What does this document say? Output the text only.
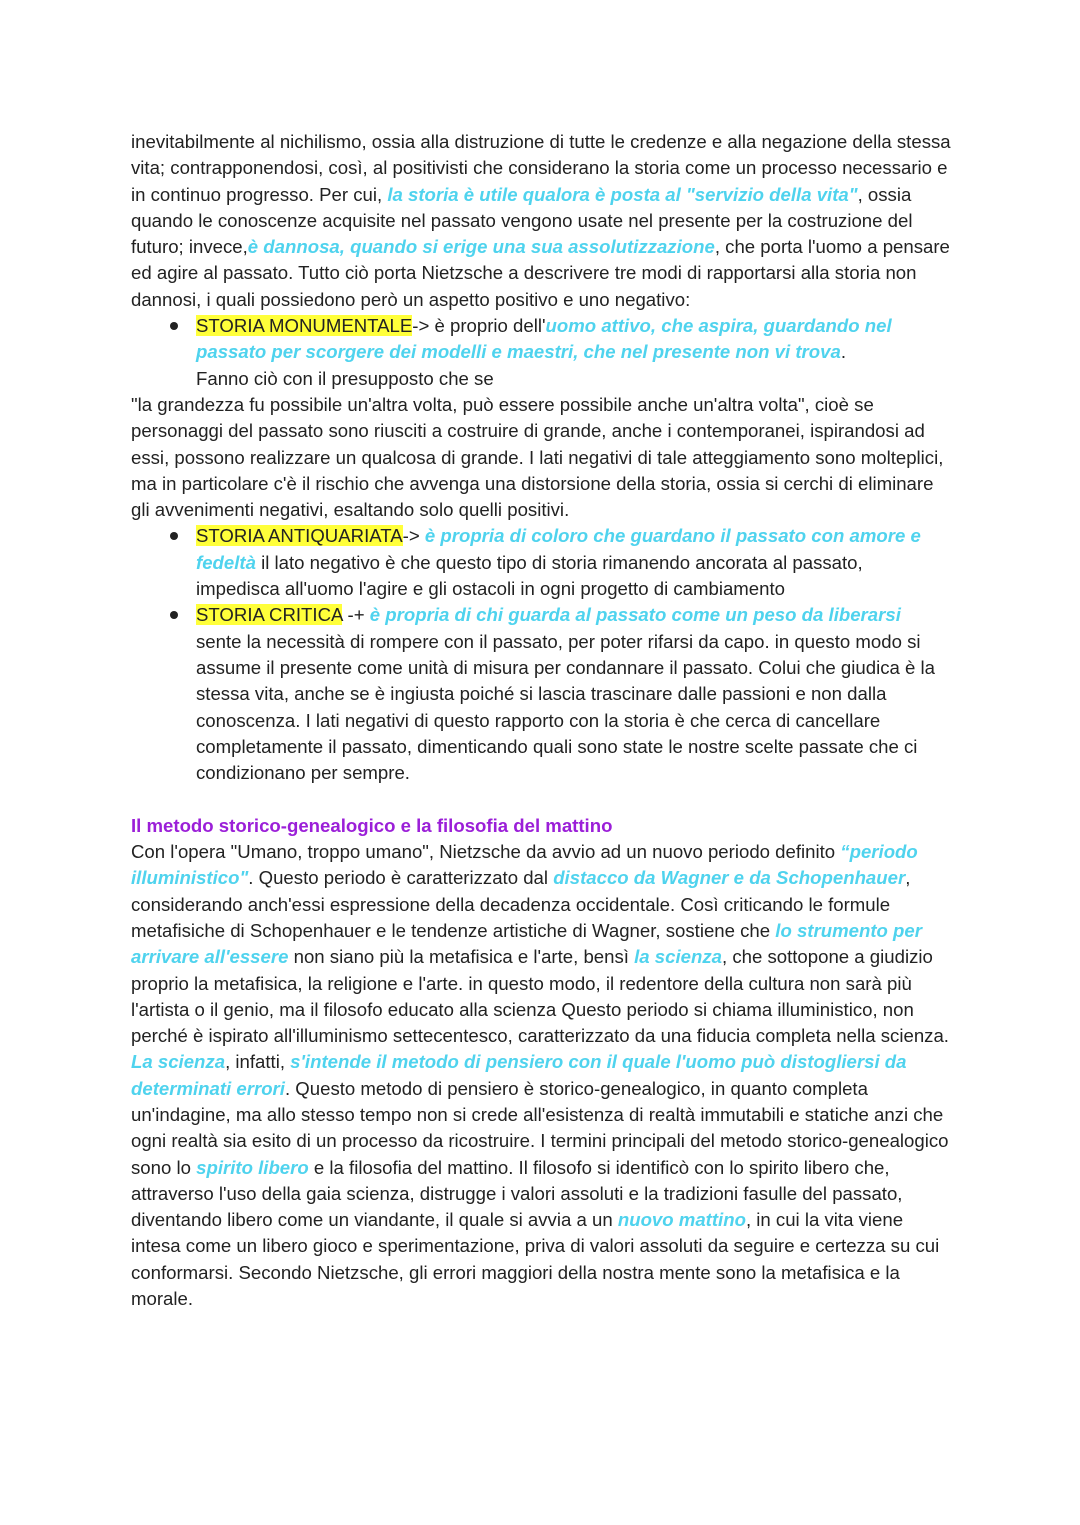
inevitabilmente al nichilismo, ossia alla distruzione di tutte le credenze e alla negazione della stessa vita; contrapponendosi, così, al positivisti che considerano la storia come un processo necessario e in continuo progresso. Per cui, la storia è utile qualora è posta al "servizio della vita", ossia quando le conoscenze acquisite nel passato vengono usate nel presente per la costruzione del futuro; invece,è dannosa, quando si erige una sua assolutizzazione, che porta l'uomo a pensare ed agire al passato. Tutto ciò porta Nietzsche a descrivere tre modi di rapportarsi alla storia non dannosi, i quali possiedono però un aspetto positivo e uno negativo:

STORIA MONUMENTALE-> è proprio dell'uomo attivo, che aspira, guardando nel passato per scorgere dei modelli e maestri, che nel presente non vi trova.
Fanno ciò con il presupposto che se

"la grandezza fu possibile un'altra volta, può essere possibile anche un'altra volta", cioè se personaggi del passato sono riusciti a costruire di grande, anche i contemporanei, ispirandosi ad essi, possono realizzare un qualcosa di grande. I lati negativi di tale atteggiamento sono molteplici, ma in particolare c'è il rischio che avvenga una distorsione della storia, ossia si cerchi di eliminare gli avvenimenti negativi, esaltando solo quelli positivi.

STORIA ANTIQUARIATA-> è propria di coloro che guardano il passato con amore e fedeltà il lato negativo è che questo tipo di storia rimanendo ancorata al passato, impedisca all'uomo l'agire e gli ostacoli in ogni progetto di cambiamento
STORIA CRITICA -+ è propria di chi guarda al passato come un peso da liberarsi sente la necessità di rompere con il passato, per poter rifarsi da capo. in questo modo si assume il presente come unità di misura per condannare il passato. Colui che giudica è la stessa vita, anche se è ingiusta poiché si lascia trascinare dalle passioni e non dalla conoscenza. I lati negativi di questo rapporto con la storia è che cerca di cancellare completamente il passato, dimenticando quali sono state le nostre scelte passate che ci condizionano per sempre.
Il metodo storico-genealogico e la filosofia del mattino

Con l'opera "Umano, troppo umano", Nietzsche da avvio ad un nuovo periodo definito “periodo illuministico". Questo periodo è caratterizzato dal distacco da Wagner e da Schopenhauer, considerando anch'essi espressione della decadenza occidentale. Così criticando le formule metafisiche di Schopenhauer e le tendenze artistiche di Wagner, sostiene che lo strumento per arrivare all'essere non siano più la metafisica e l'arte, bensì la scienza, che sottopone a giudizio proprio la metafisica, la religione e l'arte. in questo modo, il redentore della cultura non sarà più l'artista o il genio, ma il filosofo educato alla scienza Questo periodo si chiama illuministico, non perché è ispirato all'illuminismo settecentesco, caratterizzato da una fiducia completa nella scienza. La scienza, infatti, s'intende il metodo di pensiero con il quale l'uomo può distogliersi da determinati errori. Questo metodo di pensiero è storico-genealogico, in quanto completa un'indagine, ma allo stesso tempo non si crede all'esistenza di realtà immutabili e statiche anzi che ogni realtà sia esito di un processo da ricostruire. I termini principali del metodo storico-genealogico sono lo spirito libero e la filosofia del mattino. Il filosofo si identificò con lo spirito libero che, attraverso l'uso della gaia scienza, distrugge i valori assoluti e la tradizioni fasulle del passato, diventando libero come un viandante, il quale si avvia a un nuovo mattino, in cui la vita viene intesa come un libero gioco e sperimentazione, priva di valori assoluti da seguire e certezza su cui conformarsi. Secondo Nietzsche, gli errori maggiori della nostra mente sono la metafisica e la morale.
